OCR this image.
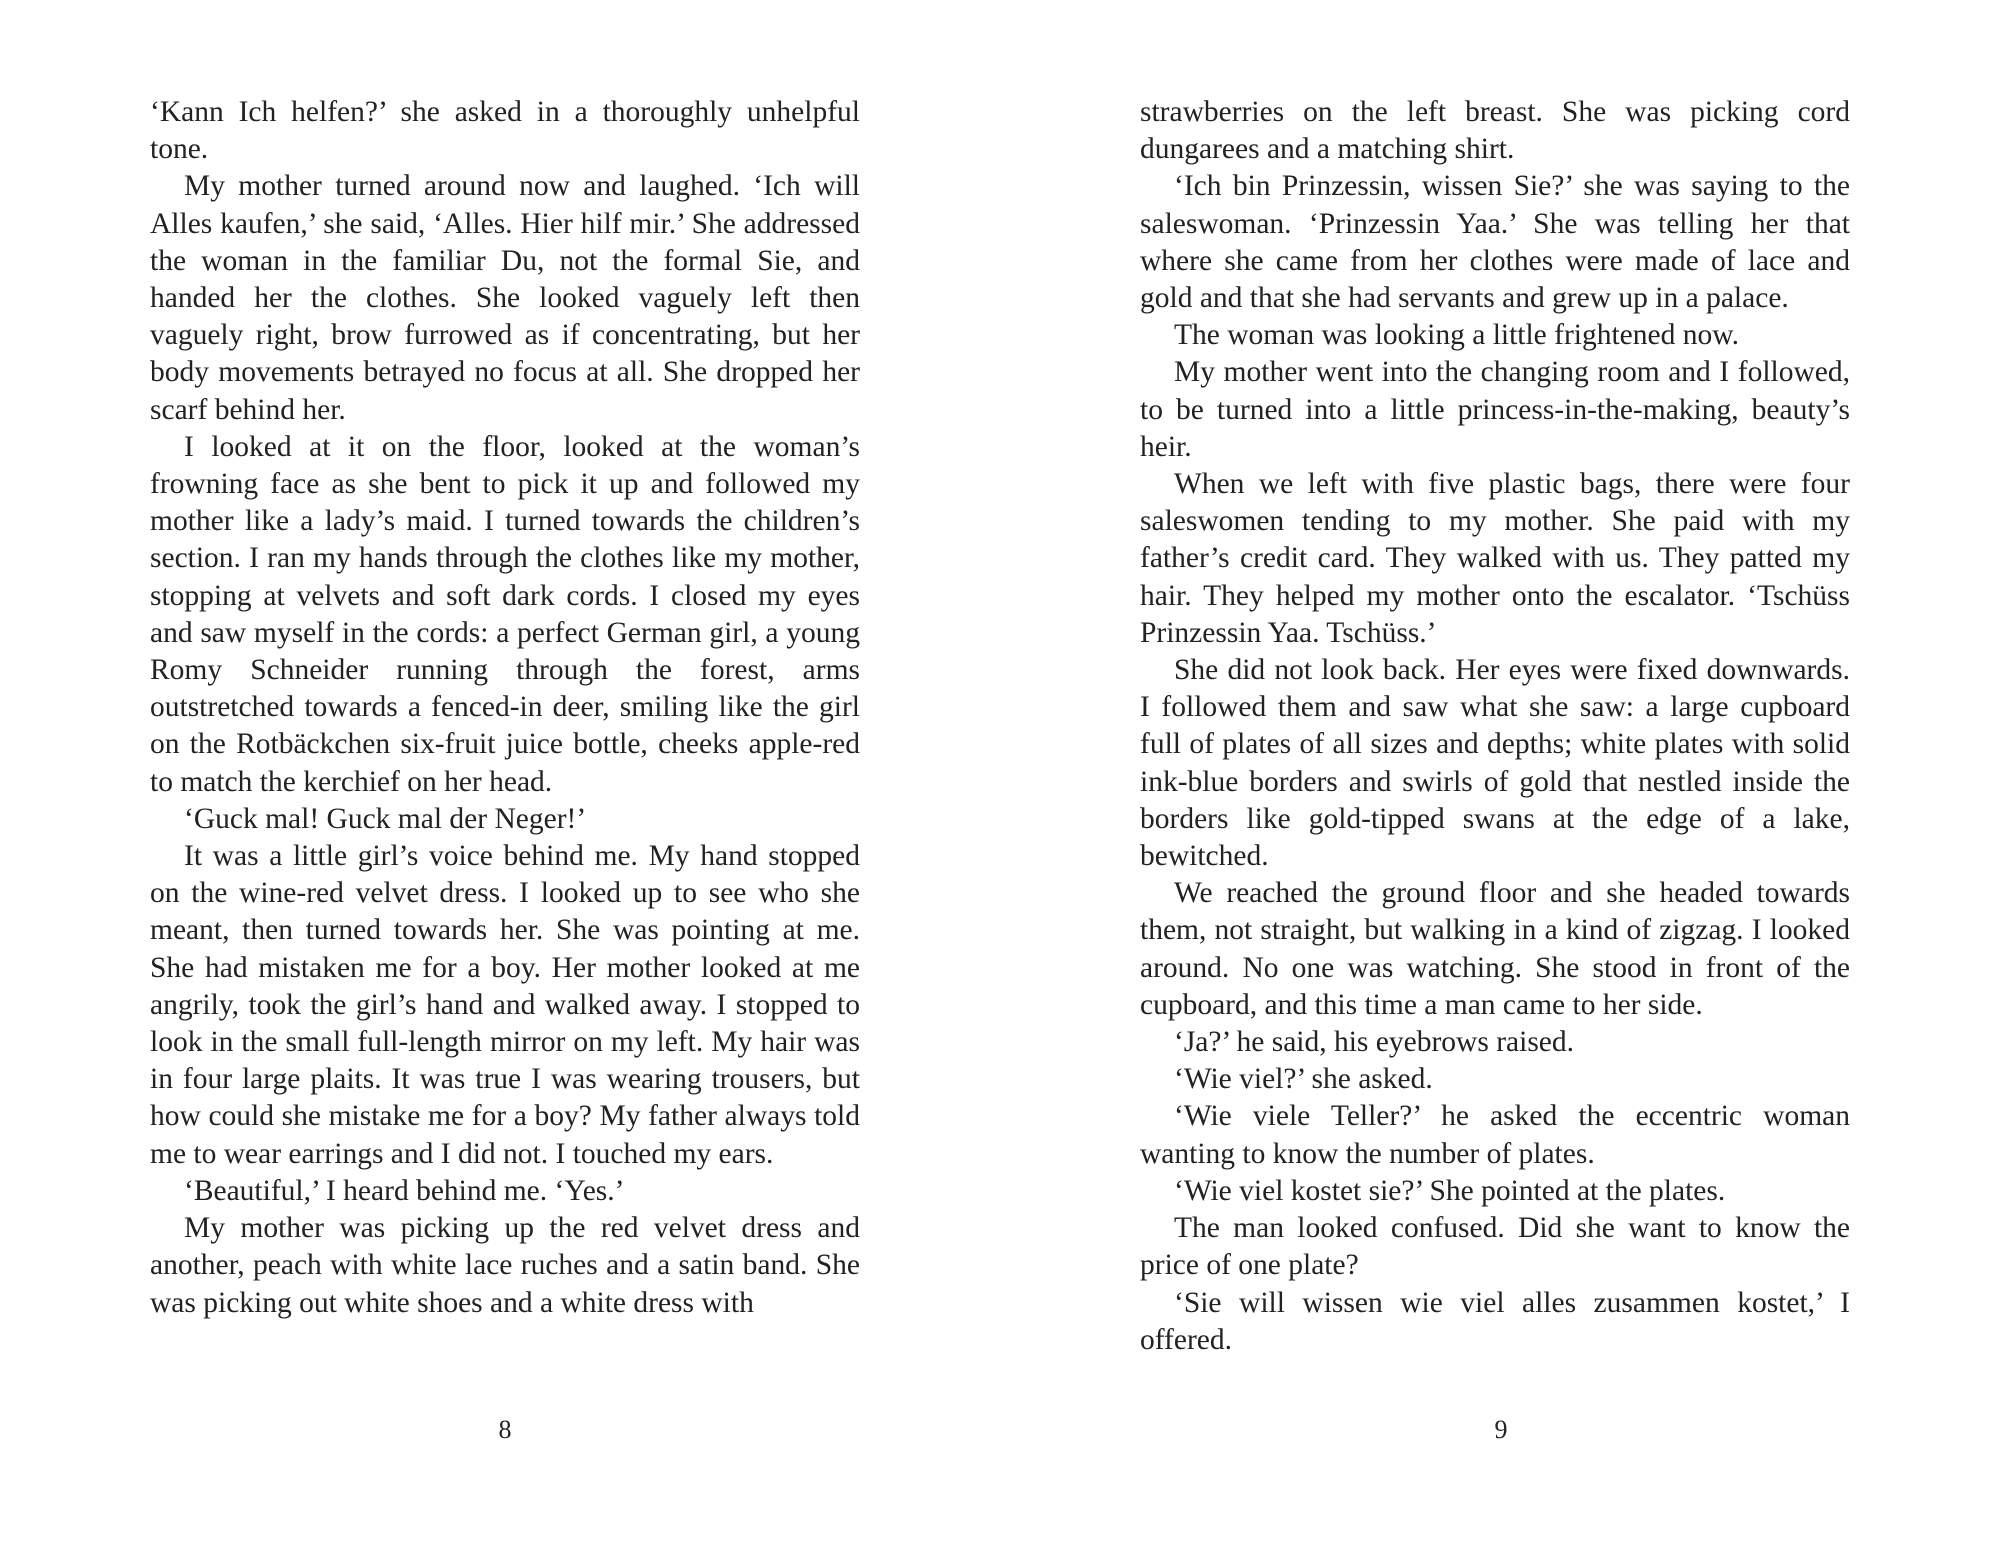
‘Kann Ich helfen?’ she asked in a thoroughly unhelpful tone.

My mother turned around now and laughed. ‘Ich will Alles kaufen,’ she said, ‘Alles. Hier hilf mir.’ She addressed the woman in the familiar Du, not the formal Sie, and handed her the clothes. She looked vaguely left then vaguely right, brow furrowed as if concentrating, but her body movements betrayed no focus at all. She dropped her scarf behind her.

I looked at it on the floor, looked at the woman’s frowning face as she bent to pick it up and followed my mother like a lady’s maid. I turned towards the children’s section. I ran my hands through the clothes like my mother, stopping at velvets and soft dark cords. I closed my eyes and saw myself in the cords: a perfect German girl, a young Romy Schneider running through the forest, arms outstretched towards a fenced-in deer, smiling like the girl on the Rotbäckchen six-fruit juice bottle, cheeks apple-red to match the kerchief on her head.

‘Guck mal! Guck mal der Neger!’

It was a little girl’s voice behind me. My hand stopped on the wine-red velvet dress. I looked up to see who she meant, then turned towards her. She was pointing at me. She had mistaken me for a boy. Her mother looked at me angrily, took the girl’s hand and walked away. I stopped to look in the small full-length mirror on my left. My hair was in four large plaits. It was true I was wearing trousers, but how could she mistake me for a boy? My father always told me to wear earrings and I did not. I touched my ears.

‘Beautiful,’ I heard behind me. ‘Yes.’

My mother was picking up the red velvet dress and another, peach with white lace ruches and a satin band. She was picking out white shoes and a white dress with

8

strawberries on the left breast. She was picking cord dungarees and a matching shirt.

‘Ich bin Prinzessin, wissen Sie?’ she was saying to the saleswoman. ‘Prinzessin Yaa.’ She was telling her that where she came from her clothes were made of lace and gold and that she had servants and grew up in a palace.

The woman was looking a little frightened now.

My mother went into the changing room and I followed, to be turned into a little princess-in-the-making, beauty’s heir.

When we left with five plastic bags, there were four saleswomen tending to my mother. She paid with my father’s credit card. They walked with us. They patted my hair. They helped my mother onto the escalator. ‘Tschüss Prinzessin Yaa. Tschüss.’

She did not look back. Her eyes were fixed downwards. I followed them and saw what she saw: a large cupboard full of plates of all sizes and depths; white plates with solid ink-blue borders and swirls of gold that nestled inside the borders like gold-tipped swans at the edge of a lake, bewitched.

We reached the ground floor and she headed towards them, not straight, but walking in a kind of zigzag. I looked around. No one was watching. She stood in front of the cupboard, and this time a man came to her side.

‘Ja?’ he said, his eyebrows raised.

‘Wie viel?’ she asked.

‘Wie viele Teller?’ he asked the eccentric woman wanting to know the number of plates.

‘Wie viel kostet sie?’ She pointed at the plates.

The man looked confused. Did she want to know the price of one plate?

‘Sie will wissen wie viel alles zusammen kostet,’ I offered.

9
